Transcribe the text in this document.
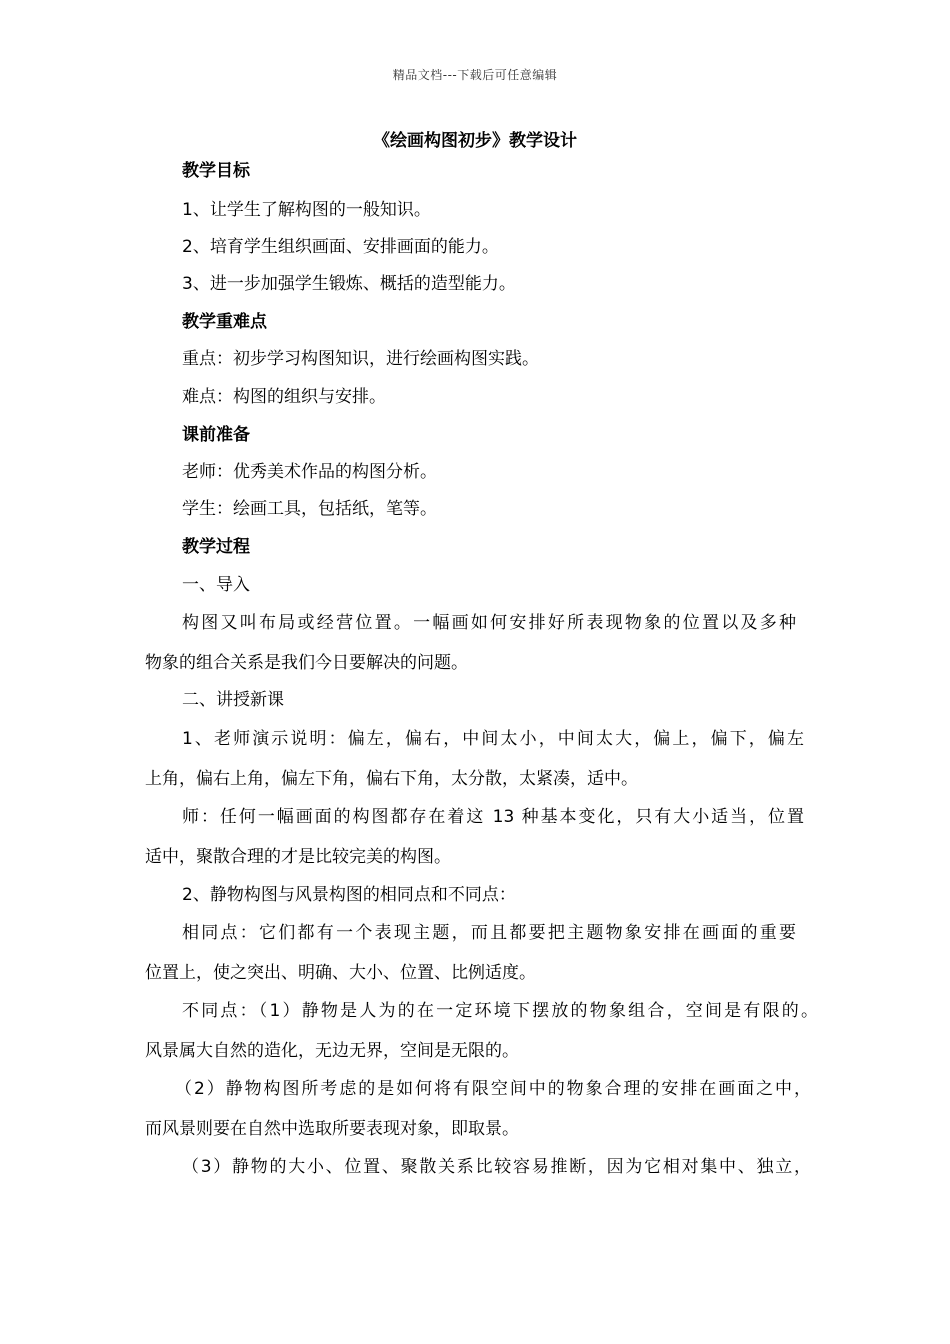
精品文档---下载后可任意编辑
《绘画构图初步》教学设计
教学目标
1、让学生了解构图的一般知识。
2、培育学生组织画面、安排画面的能力。
3、进一步加强学生锻炼、概括的造型能力。
教学重难点
重点：初步学习构图知识，进行绘画构图实践。
难点：构图的组织与安排。
课前准备
老师：优秀美术作品的构图分析。
学生：绘画工具，包括纸，笔等。
教学过程
一、导入
构图又叫布局或经营位置。一幅画如何安排好所表现物象的位置以及多种
物象的组合关系是我们今日要解决的问题。
二、讲授新课
1、老师演示说明：偏左，偏右，中间太小，中间太大，偏上，偏下，偏左
上角，偏右上角，偏左下角，偏右下角，太分散，太紧凑，适中。
师：任何一幅画面的构图都存在着这 13 种基本变化，只有大小适当，位置
适中，聚散合理的才是比较完美的构图。
2、静物构图与风景构图的相同点和不同点：
相同点：它们都有一个表现主题，而且都要把主题物象安排在画面的重要
位置上，使之突出、明确、大小、位置、比例适度。
不同点：（1）静物是人为的在一定环境下摆放的物象组合，空间是有限的。
风景属大自然的造化，无边无界，空间是无限的。
（2）静物构图所考虑的是如何将有限空间中的物象合理的安排在画面之中，
而风景则要在自然中选取所要表现对象，即取景。
（3）静物的大小、位置、聚散关系比较容易推断，因为它相对集中、独立，
